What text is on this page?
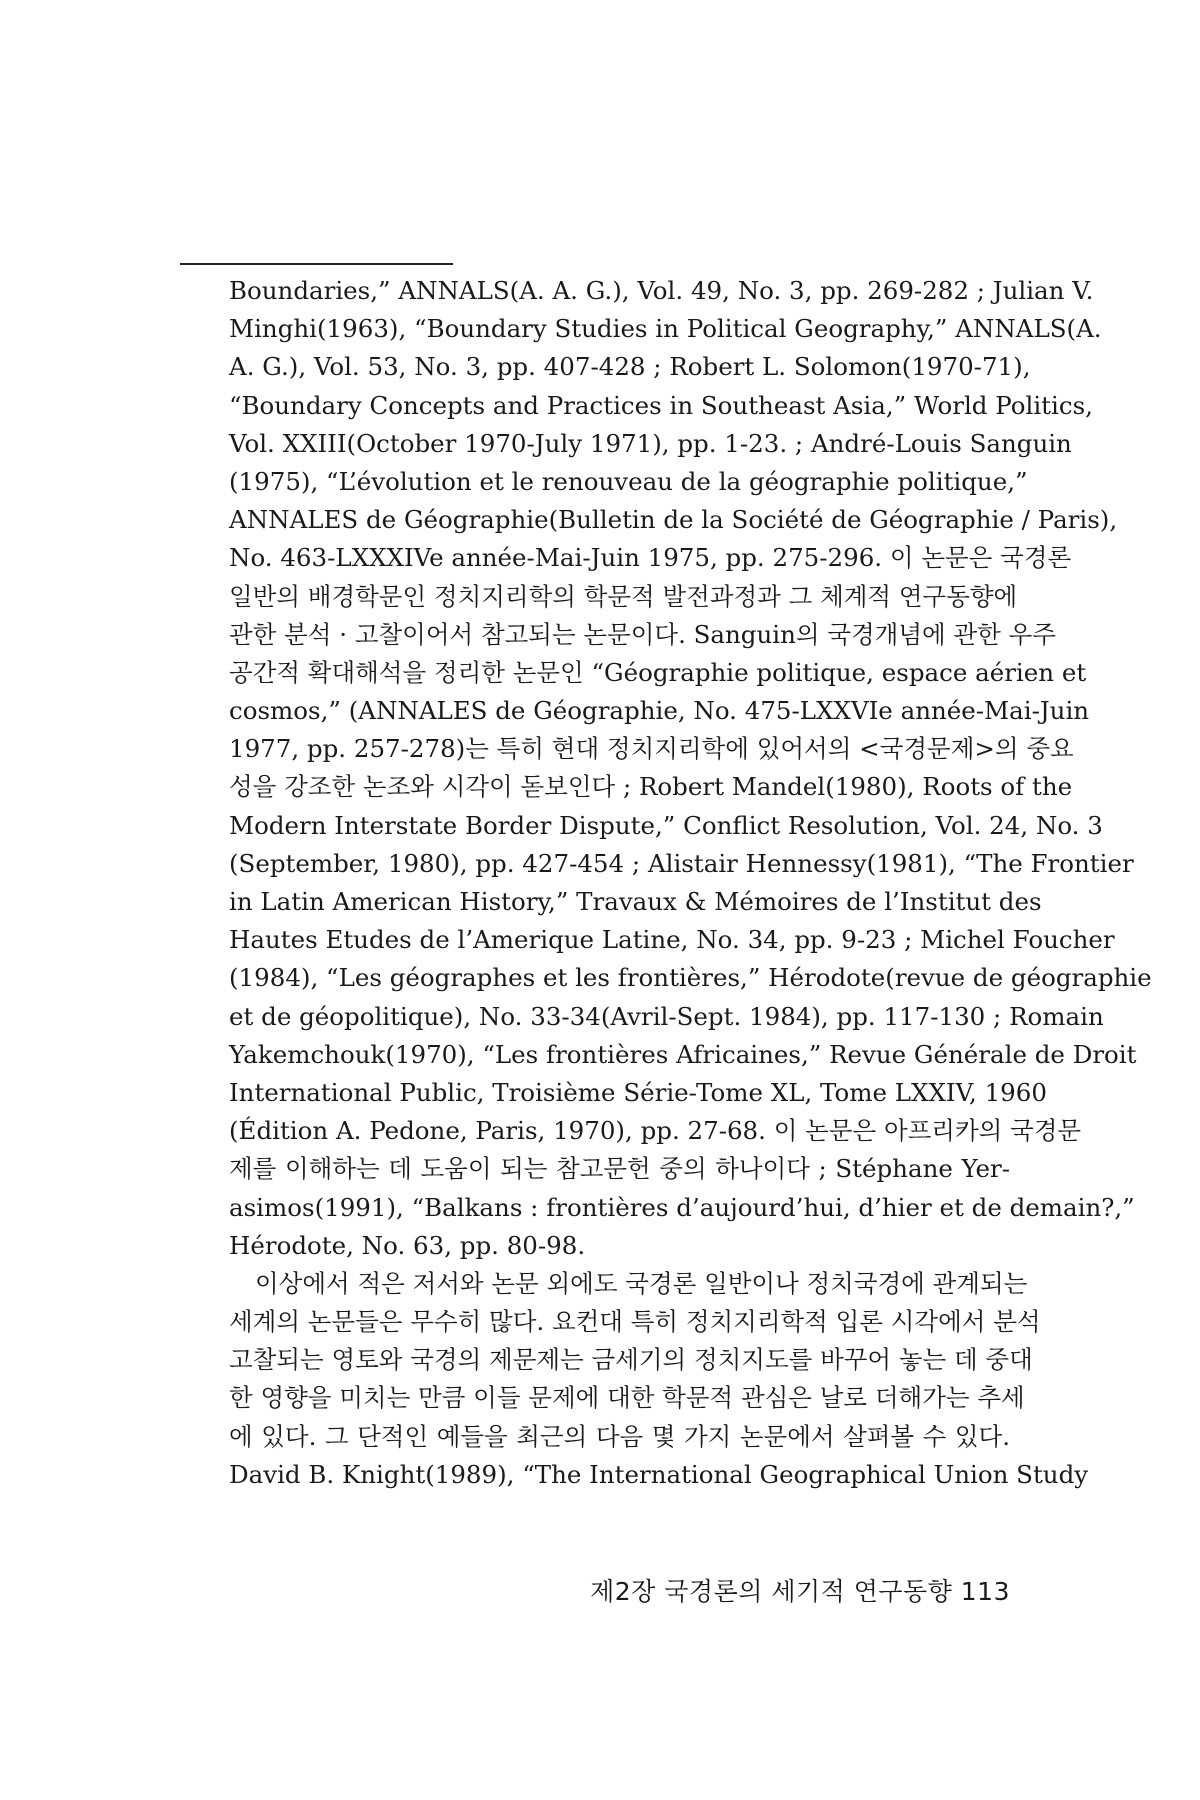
Boundaries,” ANNALS(A. A. G.), Vol. 49, No. 3, pp. 269-282 ; Julian V.
Minghi(1963), “Boundary Studies in Political Geography,” ANNALS(A.
A. G.), Vol. 53, No. 3, pp. 407-428 ; Robert L. Solomon(1970-71),
“Boundary Concepts and Practices in Southeast Asia,” World Politics,
Vol. XXIII(October 1970-July 1971), pp. 1-23. ; André-Louis Sanguin
(1975), “L’évolution et le renouveau de la géographie politique,”
ANNALES de Géographie(Bulletin de la Société de Géographie / Paris),
No. 463-LXXXIVe année-Mai-Juin 1975, pp. 275-296. 이 논문은 국경론
일반의 배경학문인 정치지리학의 학문적 발전과정과 그 체계적 연구동향에
관한 분석 · 고찰이어서 참고되는 논문이다. Sanguin의 국경개념에 관한 우주
공간적 확대해석을 정리한 논문인 “Géographie politique, espace aérien et
cosmos,” (ANNALES de Géographie, No. 475-LXXVIe année-Mai-Juin
1977, pp. 257-278)는 특히 현대 정치지리학에 있어서의 <국경문제>의 중요
성을 강조한 논조와 시각이 돋보인다 ; Robert Mandel(1980), Roots of the
Modern Interstate Border Dispute,” Conflict Resolution, Vol. 24, No. 3
(September, 1980), pp. 427-454 ; Alistair Hennessy(1981), “The Frontier
in Latin American History,” Travaux & Mémoires de l’Institut des
Hautes Etudes de l’Amerique Latine, No. 34, pp. 9-23 ; Michel Foucher
(1984), “Les géographes et les frontières,” Hérodote(revue de géographie
et de géopolitique), No. 33-34(Avril-Sept. 1984), pp. 117-130 ; Romain
Yakemchouk(1970), “Les frontières Africaines,” Revue Générale de Droit
International Public, Troisième Série-Tome XL, Tome LXXIV, 1960
(Édition A. Pedone, Paris, 1970), pp. 27-68. 이 논문은 아프리카의 국경문
제를 이해하는 데 도움이 되는 참고문헌 중의 하나이다 ; Stéphane Yer-
asimos(1991), “Balkans : frontières d’aujourd’hui, d’hier et de demain?,”
Hérodote, No. 63, pp. 80-98.
이상에서 적은 저서와 논문 외에도 국경론 일반이나 정치국경에 관계되는
세계의 논문들은 무수히 많다. 요컨대 특히 정치지리학적 입론 시각에서 분석
고찰되는 영토와 국경의 제문제는 금세기의 정치지도를 바꾸어 놓는 데 중대
한 영향을 미치는 만큼 이들 문제에 대한 학문적 관심은 날로 더해가는 추세
에 있다. 그 단적인 예들을 최근의 다음 몇 가지 논문에서 살펴볼 수 있다.
David B. Knight(1989), “The International Geographical Union Study
제2장 국경론의 세기적 연구동향 113
